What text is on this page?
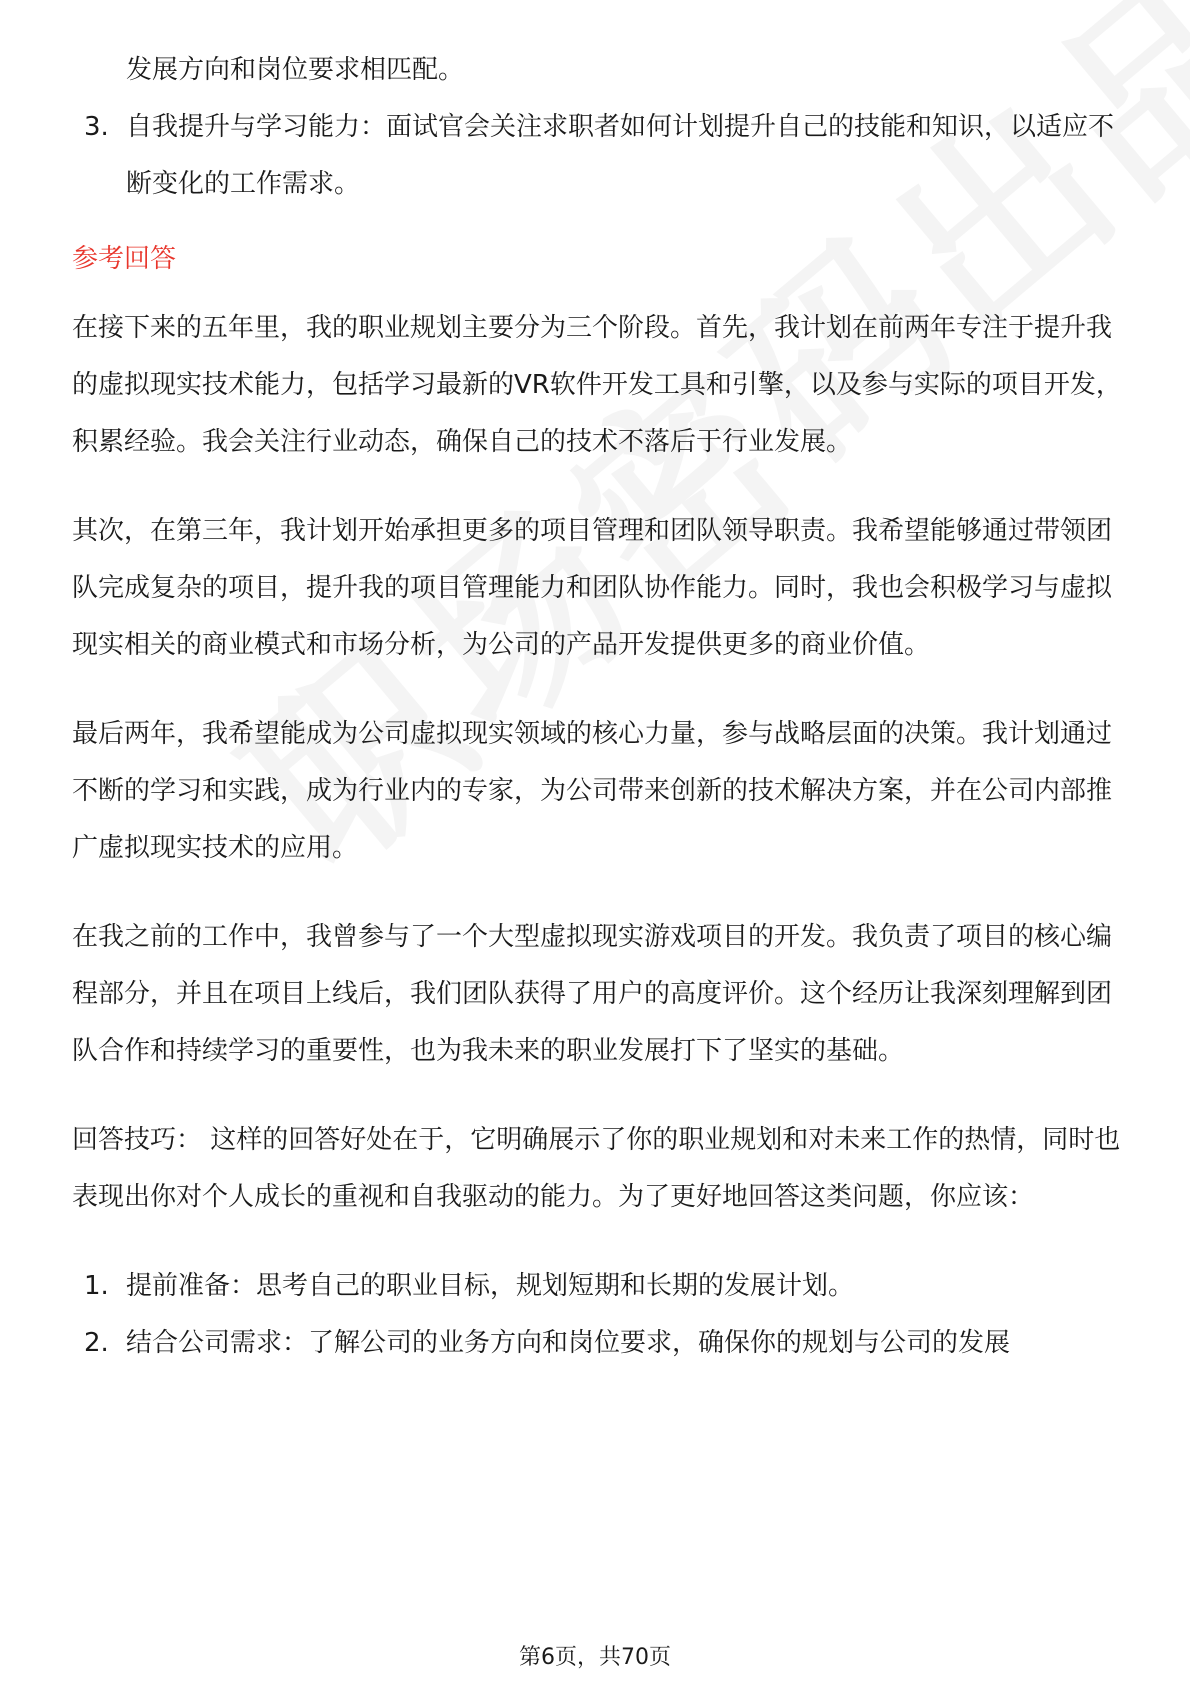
发展方向和岗位要求相匹配。

3. 自我提升与学习能力：面试官会关注求职者如何计划提升自己的技能和知识，以适应不断变化的工作需求。
参考回答

在接下来的五年里，我的职业规划主要分为三个阶段。首先，我计划在前两年专注于提升我的虚拟现实技术能力，包括学习最新的VR软件开发工具和引擎，以及参与实际的项目开发，积累经验。我会关注行业动态，确保自己的技术不落后于行业发展。

其次，在第三年，我计划开始承担更多的项目管理和团队领导职责。我希望能够通过带领团队完成复杂的项目，提升我的项目管理能力和团队协作能力。同时，我也会积极学习与虚拟现实相关的商业模式和市场分析，为公司的产品开发提供更多的商业价值。

最后两年，我希望能成为公司虚拟现实领域的核心力量，参与战略层面的决策。我计划通过不断的学习和实践，成为行业内的专家，为公司带来创新的技术解决方案，并在公司内部推广虚拟现实技术的应用。

在我之前的工作中，我曾参与了一个大型虚拟现实游戏项目的开发。我负责了项目的核心编程部分，并且在项目上线后，我们团队获得了用户的高度评价。这个经历让我深刻理解到团队合作和持续学习的重要性，也为我未来的职业发展打下了坚实的基础。

回答技巧： 这样的回答好处在于，它明确展示了你的职业规划和对未来工作的热情，同时也表现出你对个人成长的重视和自我驱动的能力。为了更好地回答这类问题，你应该：

1. 提前准备：思考自己的职业目标，规划短期和长期的发展计划。
2. 结合公司需求：了解公司的业务方向和岗位要求，确保你的规划与公司的发展
第6页，共70页
